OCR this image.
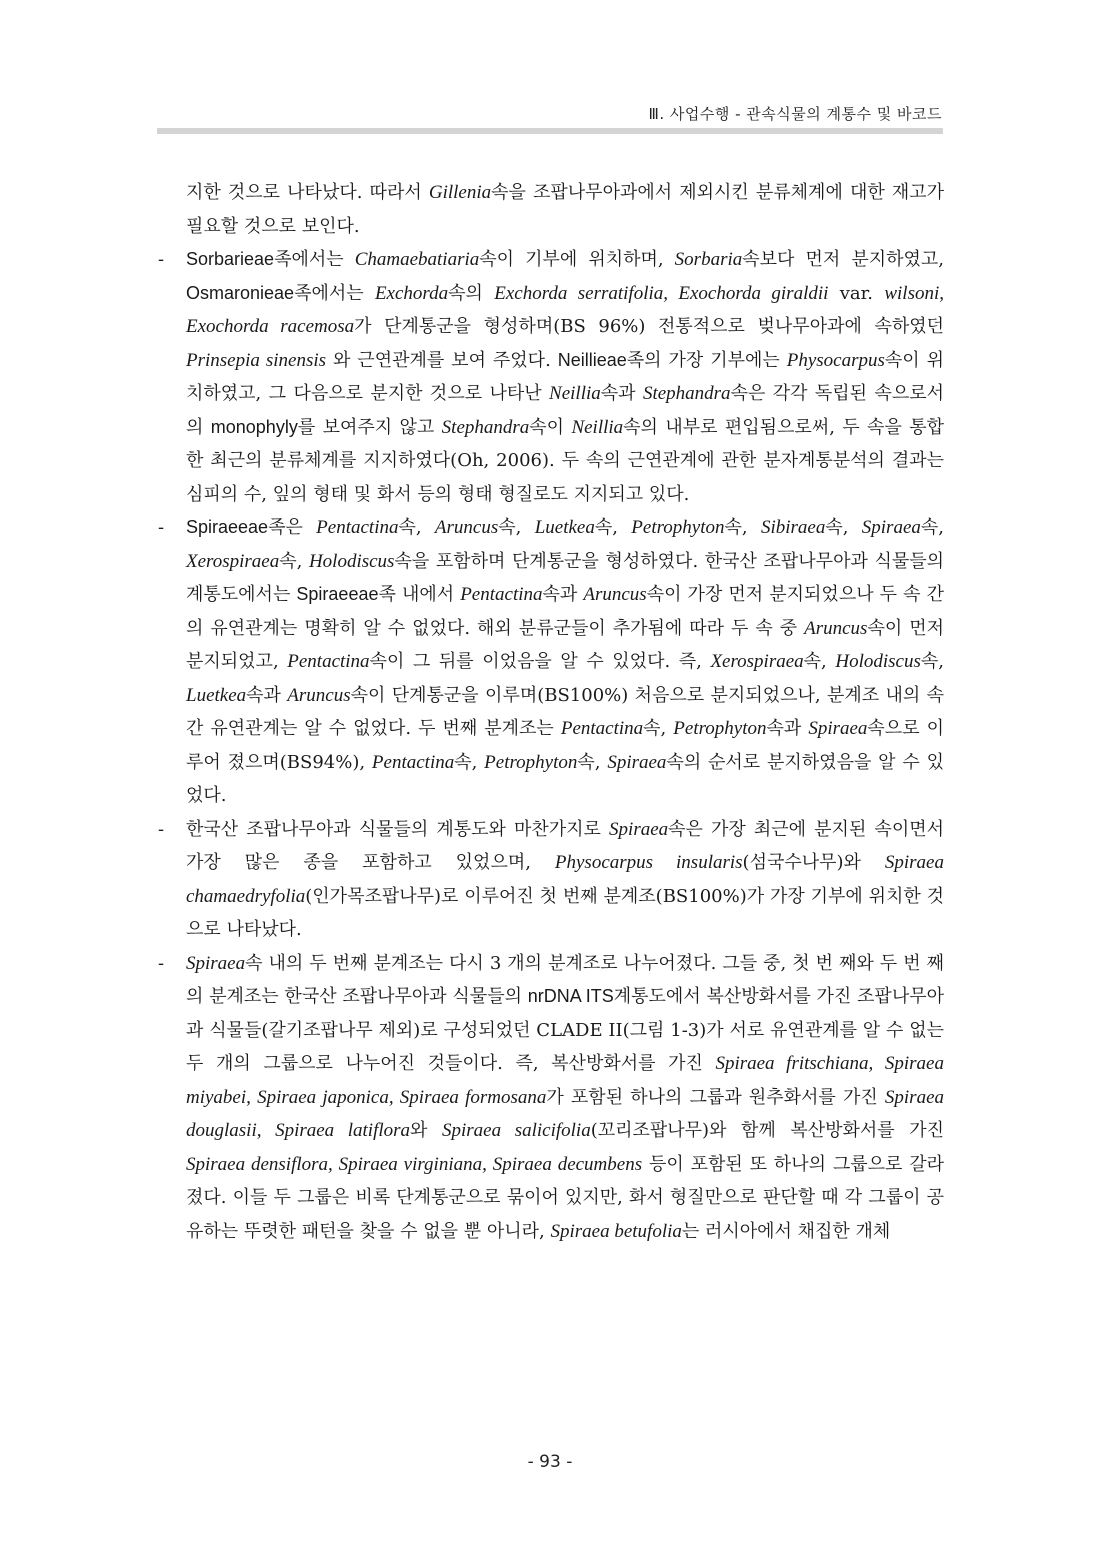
Ⅲ. 사업수행 - 관속식물의 계통수 및 바코드

지한 것으로 나타났다. 따라서 Gillenia속을 조팝나무아과에서 제외시킨 분류체계에 대한 재고가 필요할 것으로 보인다.

-	Sorbarieae족에서는 Chamaebatiaria속이 기부에 위치하며, Sorbaria속보다 먼저 분지하였고, Osmaronieae족에서는 Exchorda속의 Exchorda serratifolia, Exochorda giraldii var. wilsoni, Exochorda racemosa가 단계통군을 형성하며(BS 96%) 전통적으로 벚나무아과에 속하였던 Prinsepia sinensis 와 근연관계를 보여 주었다. Neillieae족의 가장 기부에는 Physocarpus속이 위치하였고, 그 다음으로 분지한 것으로 나타난 Neillia속과 Stephandra속은 각각 독립된 속으로서의 monophyly를 보여주지 않고 Stephandra속이 Neillia속의 내부로 편입됨으로써, 두 속을 통합한 최근의 분류체계를 지지하였다(Oh, 2006). 두 속의 근연관계에 관한 분자계통분석의 결과는 심피의 수, 잎의 형태 및 화서 등의 형태 형질로도 지지되고 있다.

-	Spiraeeae족은 Pentactina속, Aruncus속, Luetkea속, Petrophyton속, Sibiraea속, Spiraea속, Xerospiraea속, Holodiscus속을 포함하며 단계통군을 형성하였다. 한국산 조팝나무아과 식물들의 계통도에서는 Spiraeeae족 내에서 Pentactina속과 Aruncus속이 가장 먼저 분지되었으나 두 속 간의 유연관계는 명확히 알 수 없었다. 해외 분류군들이 추가됨에 따라 두 속 중 Aruncus속이 먼저 분지되었고, Pentactina속이 그 뒤를 이었음을 알 수 있었다. 즉, Xerospiraea속, Holodiscus속, Luetkea속과 Aruncus속이 단계통군을 이루며(BS100%) 처음으로 분지되었으나, 분계조 내의 속 간 유연관계는 알 수 없었다. 두 번째 분계조는 Pentactina속, Petrophyton속과 Spiraea속으로 이루어 졌으며(BS94%), Pentactina속, Petrophyton속, Spiraea속의 순서로 분지하였음을 알 수 있었다.

-	한국산 조팝나무아과 식물들의 계통도와 마찬가지로 Spiraea속은 가장 최근에 분지된 속이면서 가장 많은 종을 포함하고 있었으며, Physocarpus insularis(섬국수나무)와 Spiraea chamaedryfolia(인가목조팝나무)로 이루어진 첫 번째 분계조(BS100%)가 가장 기부에 위치한 것으로 나타났다.

-	Spiraea속 내의 두 번째 분계조는 다시 3 개의 분계조로 나누어졌다. 그들 중, 첫 번 째와 두 번 째의 분계조는 한국산 조팝나무아과 식물들의 nrDNA ITS계통도에서 복산방화서를 가진 조팝나무아과 식물들(갈기조팝나무 제외)로 구성되었던 CLADE II(그림 1-3)가 서로 유연관계를 알 수 없는 두 개의 그룹으로 나누어진 것들이다. 즉, 복산방화서를 가진 Spiraea fritschiana, Spiraea miyabei, Spiraea japonica, Spiraea formosana가 포함된 하나의 그룹과 원추화서를 가진 Spiraea douglasii, Spiraea latiflora와 Spiraea salicifolia(꼬리조팝나무)와 함께 복산방화서를 가진 Spiraea densiflora, Spiraea virginiana, Spiraea decumbens 등이 포함된 또 하나의 그룹으로 갈라졌다. 이들 두 그룹은 비록 단계통군으로 묶이어 있지만, 화서 형질만으로 판단할 때 각 그룹이 공유하는 뚜렷한 패턴을 찾을 수 없을 뿐 아니라, Spiraea betufolia는 러시아에서 채집한 개체

- 93 -
